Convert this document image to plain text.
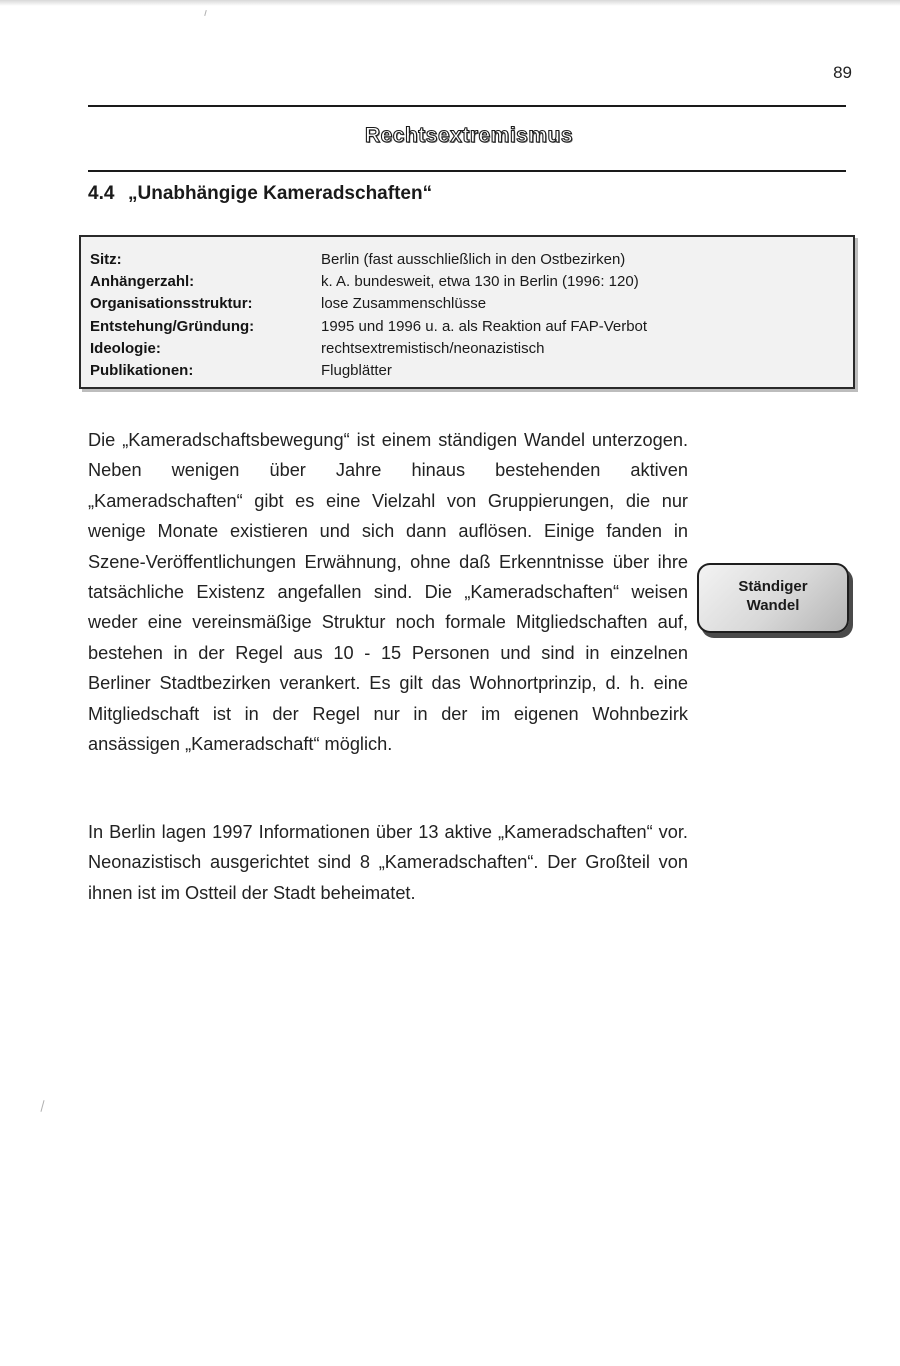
89
Rechtsextremismus
4.4 „Unabhängige Kameradschaften“
Sitz:	Berlin (fast ausschließlich in den Ostbezirken)
Anhängerzahl:	k. A. bundesweit, etwa 130 in Berlin (1996: 120)
Organisationsstruktur:	lose Zusammenschlüsse
Entstehung/Gründung:	1995 und 1996 u. a. als Reaktion auf FAP-Verbot
Ideologie:	rechtsextremistisch/neonazistisch
Publikationen:	Flugblätter
Die „Kameradschaftsbewegung“ ist einem ständigen Wandel unterzogen. Neben wenigen über Jahre hinaus bestehenden aktiven „Kameradschaften“ gibt es eine Vielzahl von Gruppierungen, die nur wenige Monate existieren und sich dann auflösen. Einige fanden in Szene-Veröffentlichungen Erwähnung, ohne daß Erkenntnisse über ihre tatsächliche Existenz angefallen sind. Die „Kameradschaften“ weisen weder eine vereinsmäßige Struktur noch formale Mitgliedschaften auf, bestehen in der Regel aus 10 - 15 Personen und sind in einzelnen Berliner Stadtbezirken verankert. Es gilt das Wohnortprinzip, d. h. eine Mitgliedschaft ist in der Regel nur in der im eigenen Wohnbezirk ansässigen „Kameradschaft“ möglich.
Ständiger
Wandel
In Berlin lagen 1997 Informationen über 13 aktive „Kameradschaften“ vor. Neonazistisch ausgerichtet sind 8 „Kameradschaften“. Der Großteil von ihnen ist im Ostteil der Stadt beheimatet.
